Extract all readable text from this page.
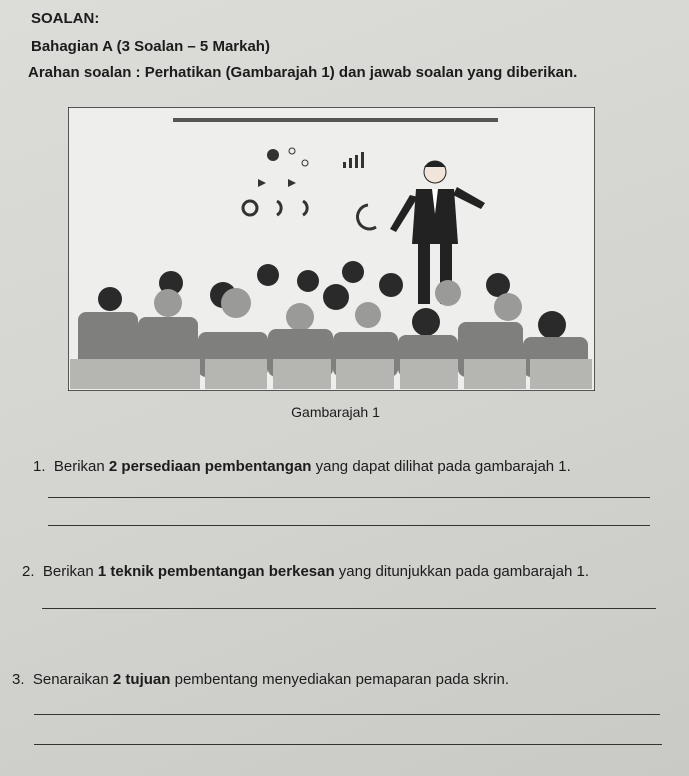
SOALAN:
Bahagian A (3 Soalan – 5 Markah)
Arahan soalan : Perhatikan (Gambarajah 1) dan jawab soalan yang diberikan.
Gambarajah 1
1. Berikan 2 persediaan pembentangan yang dapat dilihat pada gambarajah 1.
2. Berikan 1 teknik pembentangan berkesan yang ditunjukkan pada gambarajah 1.
3. Senaraikan 2 tujuan pembentang menyediakan pemaparan pada skrin.
